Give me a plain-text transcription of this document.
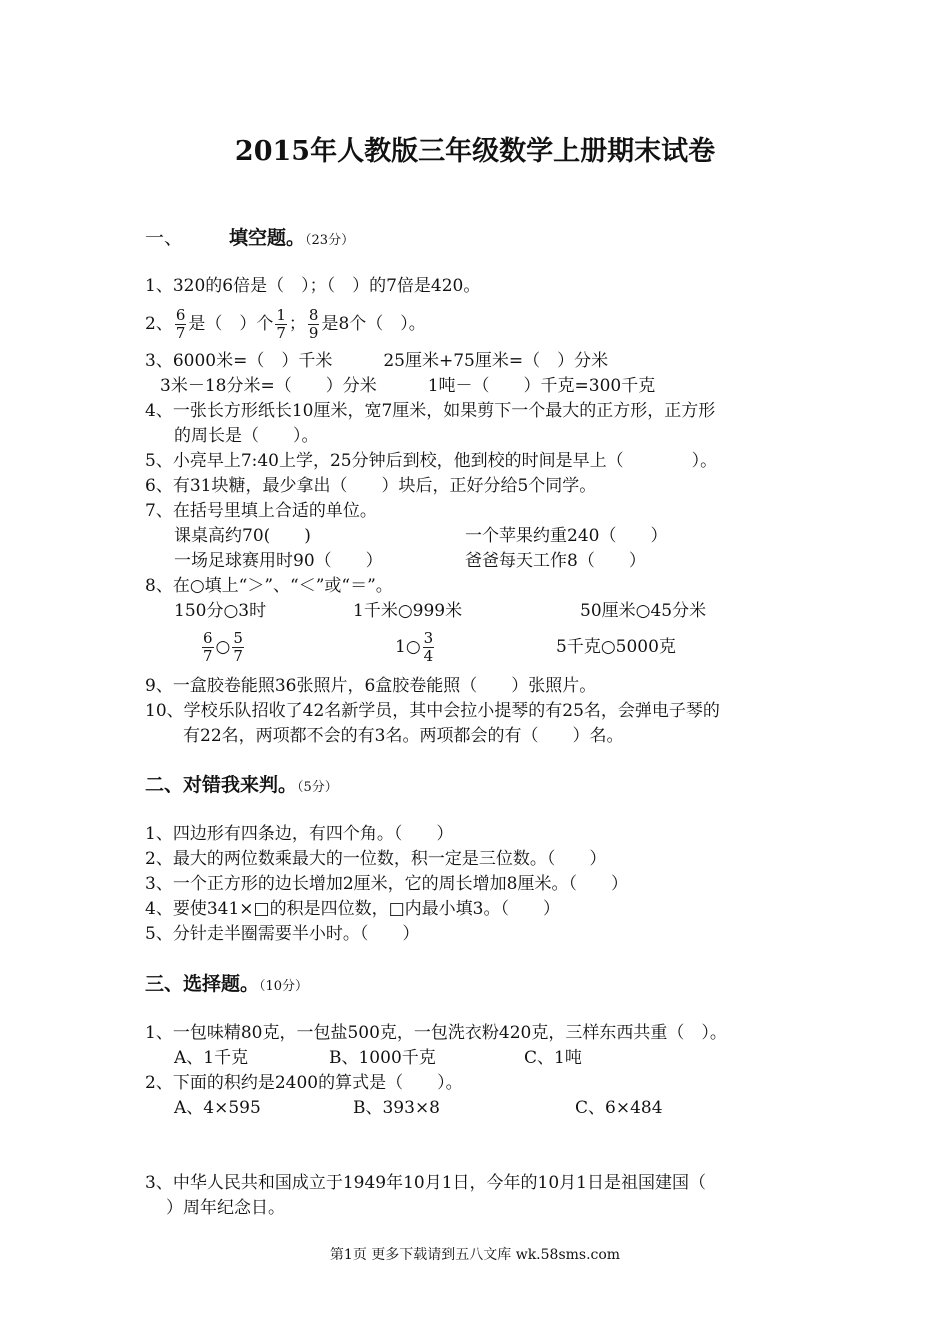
2015年人教版三年级数学上册期末试卷
一、 填空题。（23分）
1、320的6倍是（　）；（　）的7倍是420。
2、 $\frac{6}{7}$ 是（　）个 $\frac{1}{7}$ ； $\frac{8}{9}$ 是8个（　）。
3、6000米=（　）千米　　　25厘米+75厘米=（　）分米
3米－18分米=（　　）分米　　　1吨－（　　）千克=300千克
4、一张长方形纸长10厘米，宽7厘米，如果剪下一个最大的正方形，正方形
的周长是（　　）。
5、小亮早上7:40上学，25分钟后到校，他到校的时间是早上（　　　　）。
6、有31块糖，最少拿出（　　）块后，正好分给5个同学。
7、在括号里填上合适的单位。
课桌高约70(　　)	一个苹果约重240（　　）
一场足球赛用时90（　　）	爸爸每天工作8（　　）
8、在○填上“＞”、“＜”或“＝”。
150分○3时	1千米○999米	50厘米○45分米
$\frac{6}{7}$ ○ $\frac{5}{7}$	1○ $\frac{3}{4}$	5千克○5000克
9、一盒胶卷能照36张照片，6盒胶卷能照（　　）张照片。
10、学校乐队招收了42名新学员，其中会拉小提琴的有25名，会弹电子琴的
有22名，两项都不会的有3名。两项都会的有（　　）名。
二、对错我来判。（5分）
1、四边形有四条边，有四个角。（　　）
2、最大的两位数乘最大的一位数，积一定是三位数。（　　）
3、一个正方形的边长增加2厘米，它的周长增加8厘米。（　　）
4、要使341×□的积是四位数，□内最小填3。（　　）
5、分针走半圈需要半小时。（　　）
三、选择题。（10分）
1、一包味精80克，一包盐500克，一包洗衣粉420克，三样东西共重（　）。
A、1千克	B、1000千克	C、1吨
2、下面的积约是2400的算式是（　　）。
A、4×595	B、393×8	C、6×484
3、中华人民共和国成立于1949年10月1日，今年的10月1日是祖国建国（
）周年纪念日。
第1页 更多下载请到五八文库 wk.58sms.com
